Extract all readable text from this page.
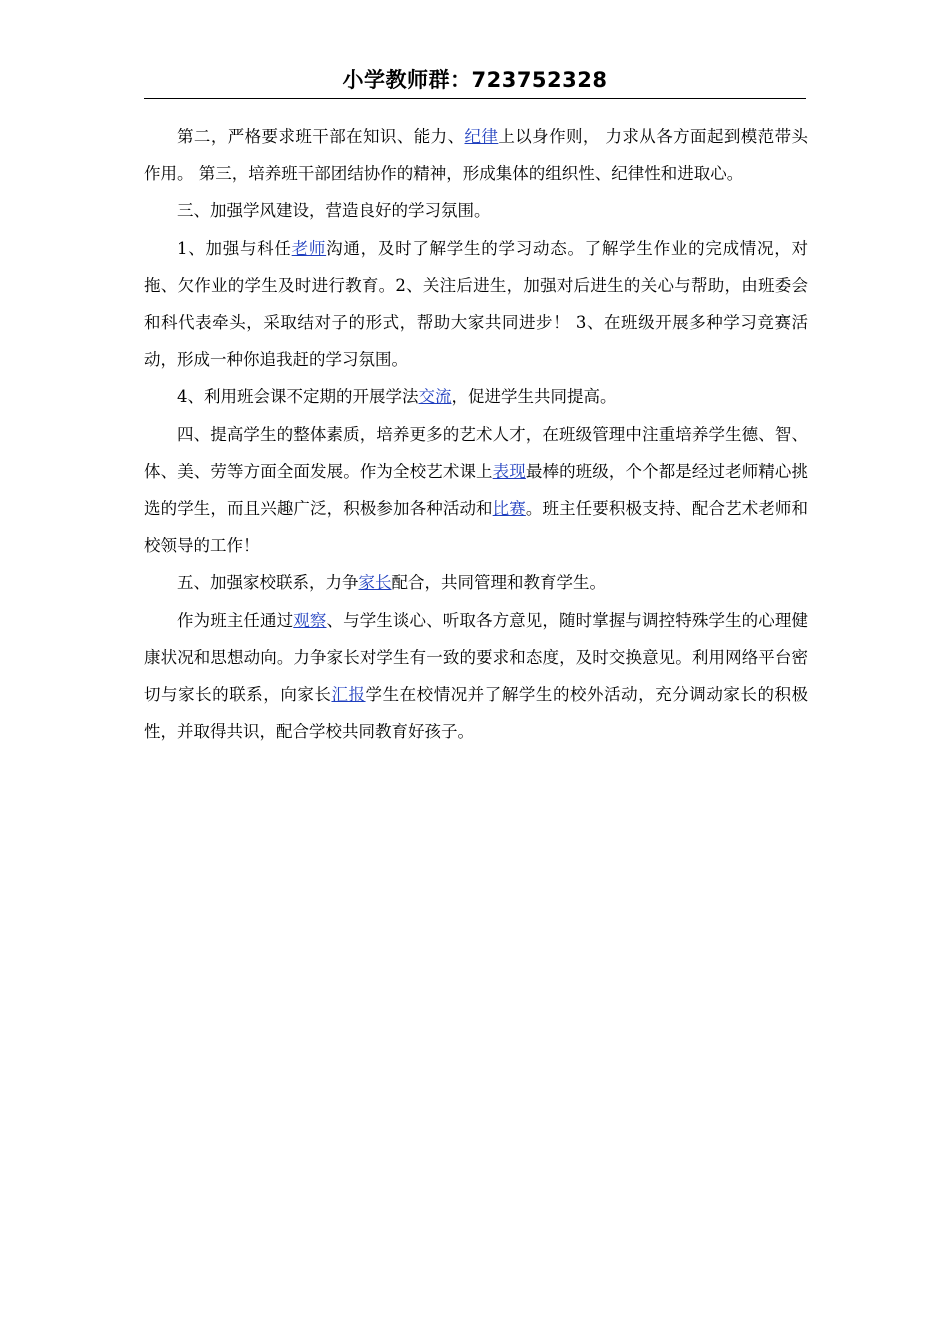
小学教师群：723752328

第二，严格要求班干部在知识、能力、纪律上以身作则， 力求从各方面起到模范带头作用。 第三，培养班干部团结协作的精神，形成集体的组织性、纪律性和进取心。

三、加强学风建设，营造良好的学习氛围。

1、加强与科任老师沟通，及时了解学生的学习动态。了解学生作业的完成情况，对拖、欠作业的学生及时进行教育。2、关注后进生，加强对后进生的关心与帮助，由班委会和科代表牵头，采取结对子的形式，帮助大家共同进步！ 3、在班级开展多种学习竞赛活动，形成一种你追我赶的学习氛围。

4、利用班会课不定期的开展学法交流，促进学生共同提高。

四、提高学生的整体素质，培养更多的艺术人才，在班级管理中注重培养学生德、智、体、美、劳等方面全面发展。作为全校艺术课上表现最棒的班级，个个都是经过老师精心挑选的学生，而且兴趣广泛，积极参加各种活动和比赛。班主任要积极支持、配合艺术老师和校领导的工作！

五、加强家校联系，力争家长配合，共同管理和教育学生。

作为班主任通过观察、与学生谈心、听取各方意见，随时掌握与调控特殊学生的心理健康状况和思想动向。力争家长对学生有一致的要求和态度，及时交换意见。利用网络平台密切与家长的联系，向家长汇报学生在校情况并了解学生的校外活动，充分调动家长的积极性，并取得共识，配合学校共同教育好孩子。
